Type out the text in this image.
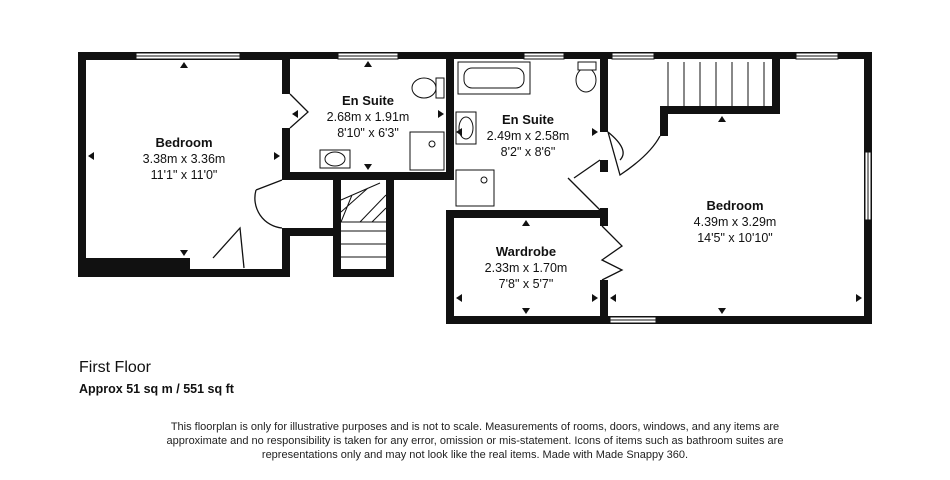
Bedroom
3.38m x 3.36m
11'1" x 11'0"
En Suite
2.68m x 1.91m
8'10" x 6'3"
En Suite
2.49m x 2.58m
8'2" x 8'6"
Wardrobe
2.33m x 1.70m
7'8" x 5'7"
Bedroom
4.39m x 3.29m
14'5" x 10'10"
First Floor
Approx 51 sq m / 551 sq ft
This floorplan is only for illustrative purposes and is not to scale. Measurements of rooms, doors, windows, and any items are approximate and no responsibility is taken for any error, omission or mis-statement. Icons of items such as bathroom suites are representations only and may not look like the real items. Made with Made Snappy 360.
